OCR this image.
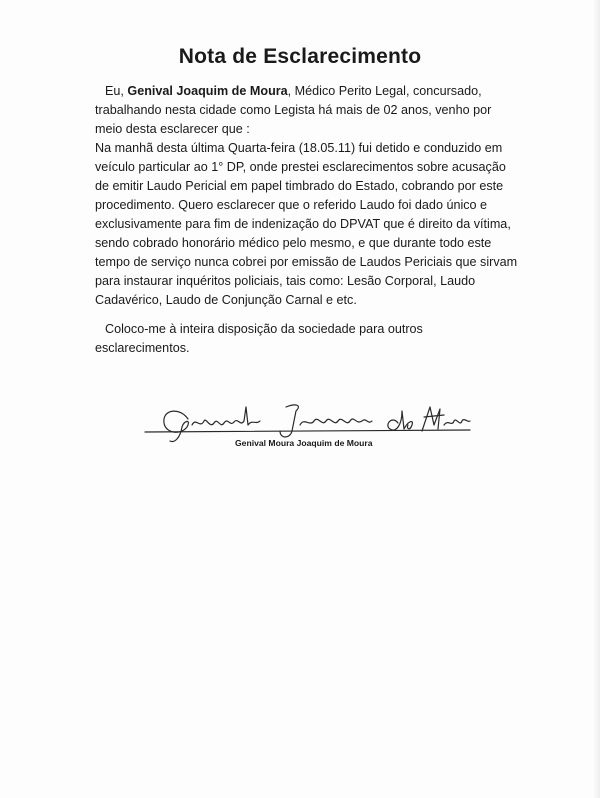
Nota de Esclarecimento
Eu, Genival Joaquim de Moura, Médico Perito Legal, concursado,
trabalhando nesta cidade como Legista há mais de 02 anos, venho por
meio desta esclarecer que :
Na manhã desta última Quarta-feira (18.05.11) fui detido e conduzido em
veículo particular ao 1° DP, onde prestei esclarecimentos sobre acusação
de emitir Laudo Pericial em papel timbrado do Estado, cobrando por este
procedimento. Quero esclarecer que o referido Laudo foi dado único e
exclusivamente para fim de indenização do DPVAT que é direito da vítima,
sendo cobrado honorário médico pelo mesmo, e que durante todo este
tempo de serviço nunca cobrei por emissão de Laudos Periciais que sirvam
para instaurar inquéritos policiais, tais como: Lesão Corporal, Laudo
Cadavérico, Laudo de Conjunção Carnal e etc.
Coloco-me à inteira disposição da sociedade para outros
esclarecimentos.
Genival Moura Joaquim de Moura
